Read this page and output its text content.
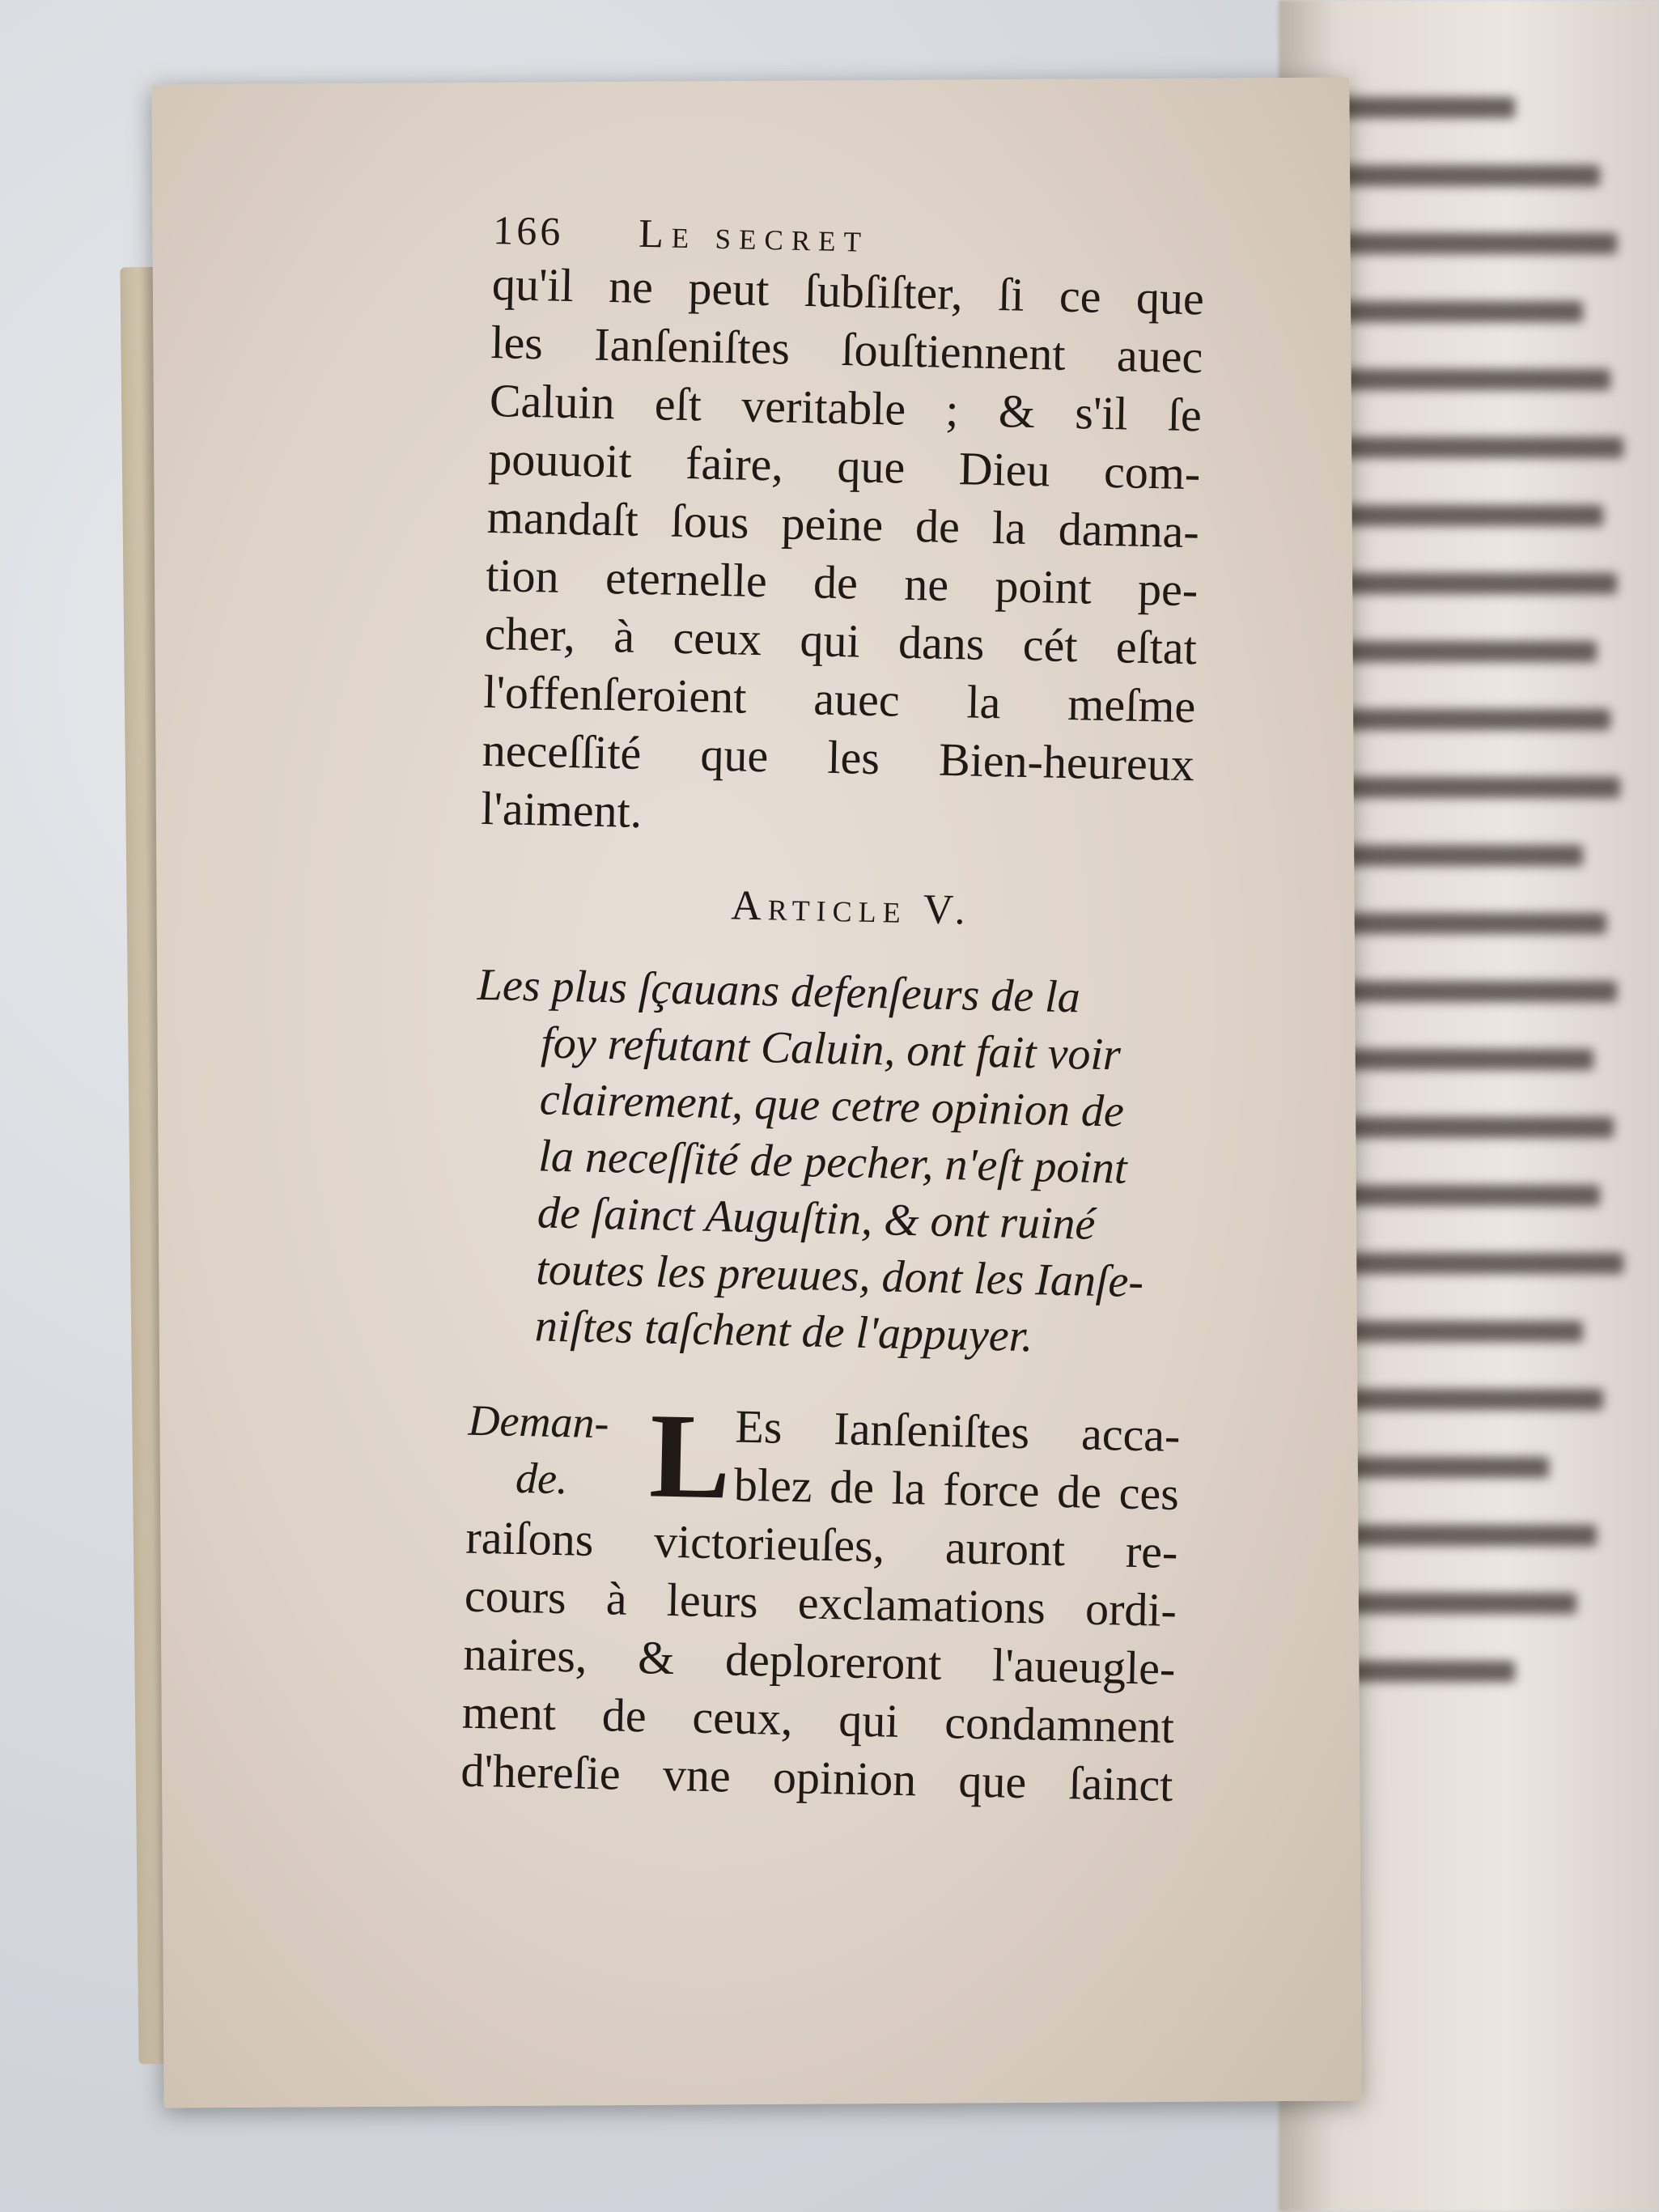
166	Le secret
qu'il ne peut ſubſiſter, ſi ce que
les Ianſeniſtes ſouſtiennent auec
Caluin eſt veritable ; & s'il ſe
pouuoit faire, que Dieu com-
mandaſt ſous peine de la damna-
tion eternelle de ne point pe-
cher, à ceux qui dans cét eſtat
l'offenſeroient auec la meſme
neceſſité que les Bien-heureux
l'aiment.
Article V.
Les plus ſçauans defenſeurs de la
foy refutant Caluin, ont fait voir
clairement, que cetre opinion de
la neceſſité de pecher, n'eſt point
de ſainct Auguſtin, & ont ruiné
toutes les preuues, dont les Ianſe-
niſtes taſchent de l'appuyer.
Deman-
de. L Es Ianſeniſtes acca-
blez de la force de ces
raiſons victorieuſes, auront re-
cours à leurs exclamations ordi-
naires, & deploreront l'aueugle-
ment de ceux, qui condamnent
d'hereſie vne opinion que ſainct
